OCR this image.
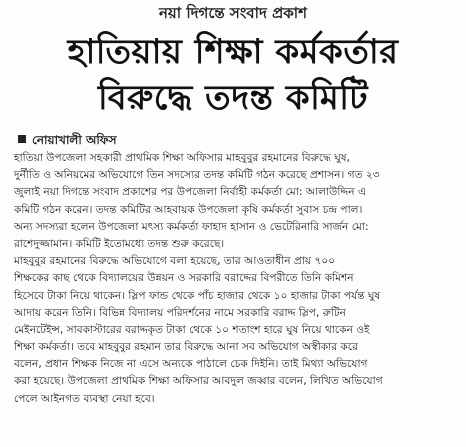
নয়া দিগন্তে সংবাদ প্রকাশ
হাতিয়ায় শিক্ষা কর্মকর্তার
বিরুদ্ধে তদন্ত কমিটি
নোয়াখালী অফিস
হাতিয়া উপজেলা সহকারী প্রাথমিক শিক্ষা অফিসার মাহবুবুর রহমানের বিরুদ্ধে ঘুষ,
দুর্নীতি ও অনিয়মের অভিযোগে তিন সদস্যের তদন্ত কমিটি গঠন করেছে প্রশাসন। গত ২৩
জুলাই নয়া দিগন্তে সংবাদ প্রকাশের পর উপজেলা নির্বাহী কর্মকর্তা মো: আলাউদ্দিন এ
কমিটি গঠন করেন। তদন্ত কমিটির আহবায়ক উপজেলা কৃষি কর্মকর্তা সুবাস চন্দ্র পাল।
অন্য সদস্যরা হলেন উপজেলা মৎস্য কর্মকর্তা ফাহাদ হাসান ও ভেটেরিনারি সার্জন মো:
রাশেদুজ্জামান। কমিটি ইতোমধ্যে তদন্ত শুরু করেছে।
মাহবুবুর রহমানের বিরুদ্ধে অভিযোগে বলা হয়েছে, তার আওতাধীন প্রায় ৭০০
শিক্ষকের কাছ থেকে বিদ্যালয়ের উন্নয়ন ও সরকারি বরাদ্দের বিপরীতে তিনি কমিশন
হিসেবে টাকা নিয়ে থাকেন। স্লিপ ফান্ড থেকে পাঁচ হাজার থেকে ১০ হাজার টাকা পর্যন্ত ঘুষ
আদায় করেন তিনি। বিভিন্ন বিদ্যালয় পরিদর্শনের নামে সরকারি বরাদ্দ স্লিপ, রুটিন
মেইনটেইন্স, সাবকাস্টারের বরাদ্দকৃত টাকা থেকে ১০ শতাংশ হারে ঘুষ নিয়ে থাকেন ওই
শিক্ষা কর্মকর্তা। তবে মাহবুবুর রহমান তার বিরুদ্ধে আনা সব অভিযোগ অস্বীকার করে
বলেন, প্রধান শিক্ষক নিজে না এসে অন্যকে পাঠালে চেক দিইনি। তাই মিথ্যা অভিযোগ
করা হয়েছে। উপজেলা প্রাথমিক শিক্ষা অফিসার আবদুল জব্বার বলেন, লিখিত অভিযোগ
পেলে আইনগত ব্যবস্থা নেয়া হবে।
